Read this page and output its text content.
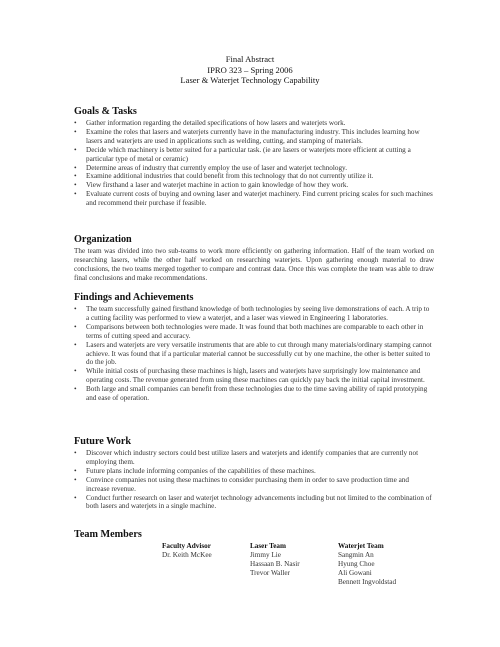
Final Abstract
IPRO 323 – Spring 2006
Laser & Waterjet Technology Capability
Goals & Tasks
• Gather information regarding the detailed specifications of how lasers and waterjets work.
• Examine the roles that lasers and waterjets currently have in the manufacturing industry. This includes learning how lasers and waterjets are used in applications such as welding, cutting, and stamping of materials.
• Decide which machinery is better suited for a particular task. (ie are lasers or waterjets more efficient at cutting a particular type of metal or ceramic)
• Determine areas of industry that currently employ the use of laser and waterjet technology.
• Examine additional industries that could benefit from this technology that do not currently utilize it.
• View firsthand a laser and waterjet machine in action to gain knowledge of how they work.
• Evaluate current costs of buying and owning laser and waterjet machinery. Find current pricing scales for such machines and recommend their purchase if feasible.
Organization

The team was divided into two sub-teams to work more efficiently on gathering information. Half of the team worked on researching lasers, while the other half worked on researching waterjets. Upon gathering enough material to draw conclusions, the two teams merged together to compare and contrast data. Once this was complete the team was able to draw final conclusions and make recommendations.

Findings and Achievements
• The team successfully gained firsthand knowledge of both technologies by seeing live demonstrations of each. A trip to a cutting facility was performed to view a waterjet, and a laser was viewed in Engineering 1 laboratories.
• Comparisons between both technologies were made. It was found that both machines are comparable to each other in terms of cutting speed and accuracy.
• Lasers and waterjets are very versatile instruments that are able to cut through many materials/ordinary stamping cannot achieve. It was found that if a particular material cannot be successfully cut by one machine, the other is better suited to do the job.
• While initial costs of purchasing these machines is high, lasers and waterjets have surprisingly low maintenance and operating costs. The revenue generated from using these machines can quickly pay back the initial capital investment.
• Both large and small companies can benefit from these technologies due to the time saving ability of rapid prototyping and ease of operation.
Future Work
• Discover which industry sectors could best utilize lasers and waterjets and identify companies that are currently not employing them.
• Future plans include informing companies of the capabilities of these machines.
• Convince companies not using these machines to consider purchasing them in order to save production time and increase revenue.
• Conduct further research on laser and waterjet technology advancements including but not limited to the combination of both lasers and waterjets in a single machine.
Team Members
Faculty Advisor
Dr. Keith McKee
Laser Team
Jimmy Lie
Hassaan B. Nasir
Trevor Waller
Waterjet Team
Sangmin An
Hyung Choe
Ali Gowani
Bennett Ingvoldstad
